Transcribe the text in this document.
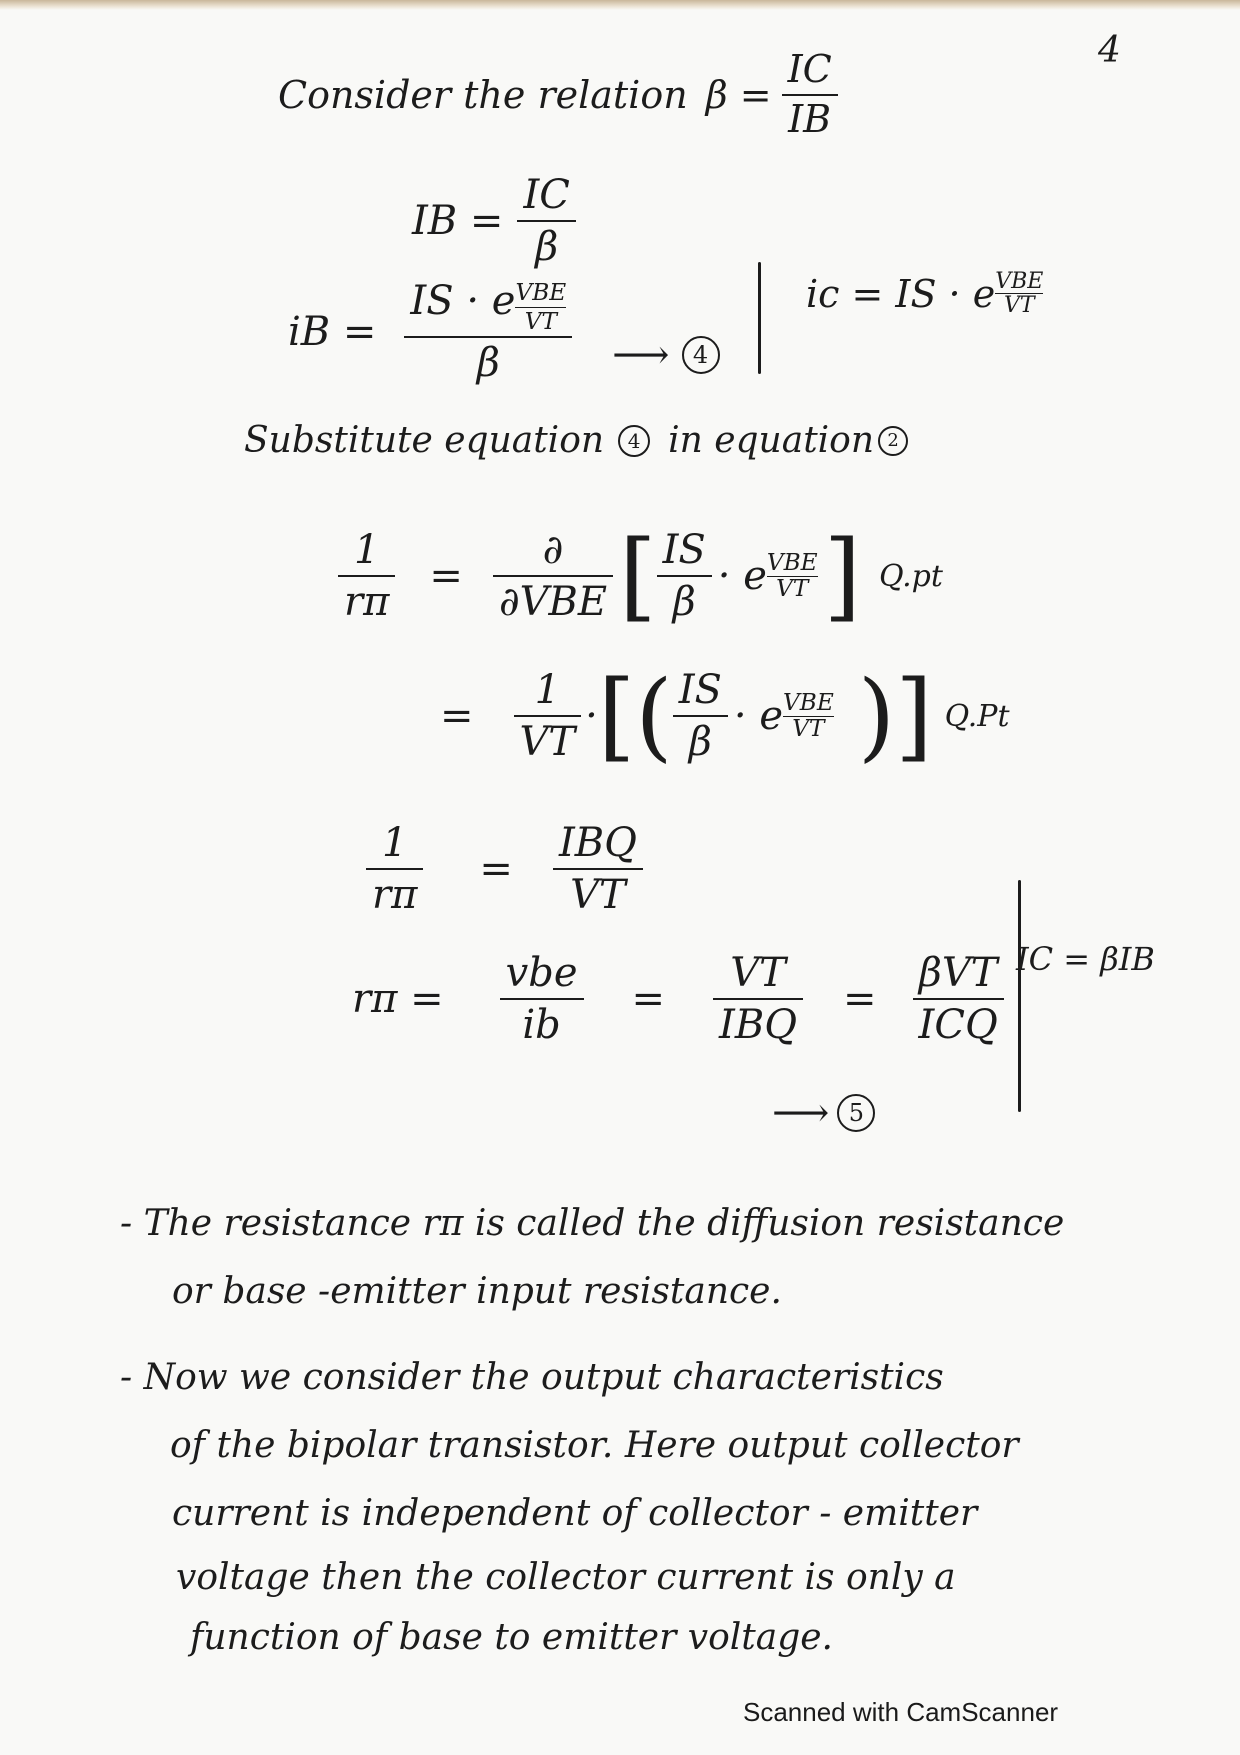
4
Consider the relation $\beta = \frac{IC}{IB}$
IB = $\frac{IC}{\beta}$
iB = IS · e VBE
VT
β ⟶ 4
ic = IS · e VBE
VT
Substitute equation	4 in equation 2
$\frac{1}{r\pi} = \frac{\partial}{\text{∂VBE}}$ [ $\frac{IS}{\beta} \cdot e$ VBE
VT ] Q.pt
= $\frac{1}{VT}$ · [( $\frac{IS}{\beta} \cdot e$ VBE
VT )] Q.Pt
$\frac{1}{r\pi} = \frac{\text{IBQ}}{VT}$
$r\pi = \frac{\text{vbe}}{ib} = \frac{VT}{\text{IBQ}} = \frac{\text{βVT}}{\text{ICQ}}$
⟶ 5
IC = βIB
- The resistance rπ is called the diffusion resistance
or base -emitter input resistance.
- Now we consider the output characteristics
of the bipolar transistor. Here output collector
current is independent of collector - emitter
voltage then the collector current is only a
function of base to emitter voltage.
Scanned with CamScanner
